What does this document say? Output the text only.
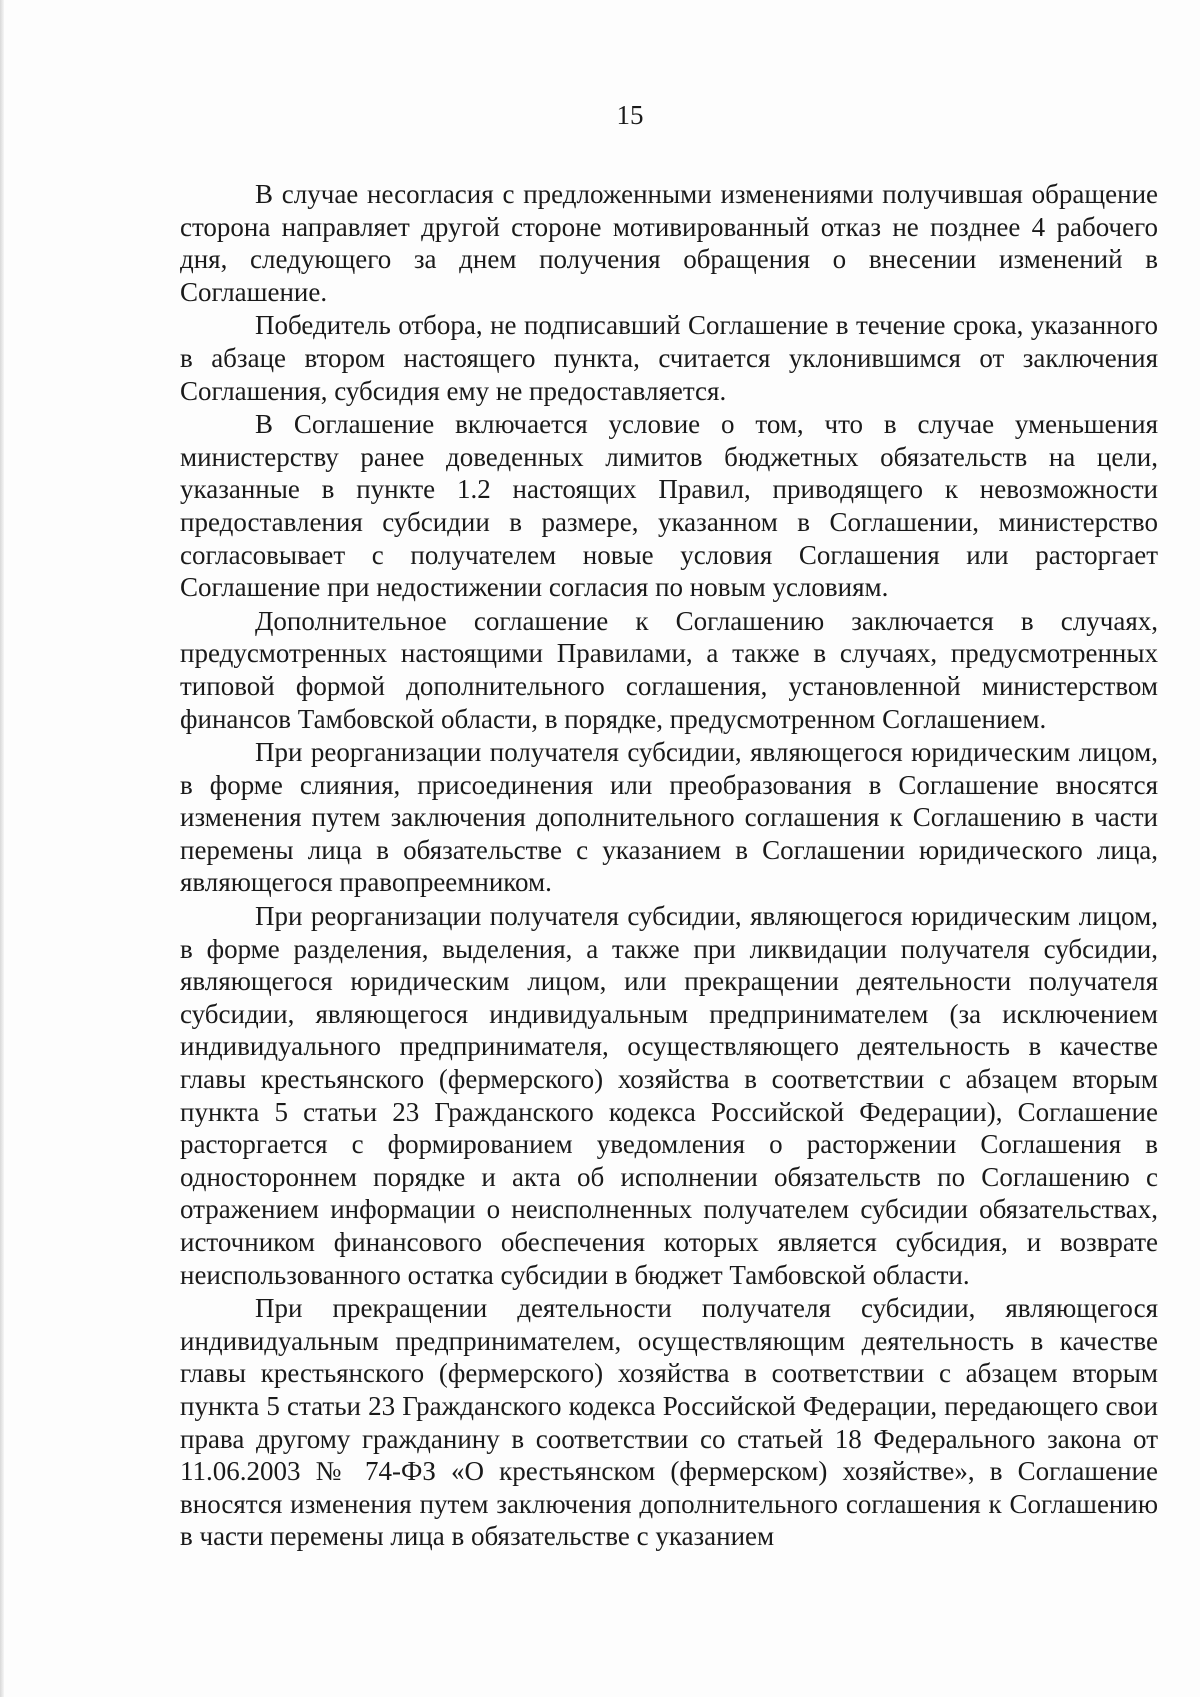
15

В случае несогласия с предложенными изменениями получившая обращение сторона направляет другой стороне мотивированный отказ не позднее 4 рабочего дня, следующего за днем получения обращения о внесении изменений в Соглашение.

Победитель отбора, не подписавший Соглашение в течение срока, указанного в абзаце втором настоящего пункта, считается уклонившимся от заключения Соглашения, субсидия ему не предоставляется.

В Соглашение включается условие о том, что в случае уменьшения министерству ранее доведенных лимитов бюджетных обязательств на цели, указанные в пункте 1.2 настоящих Правил, приводящего к невозможности предоставления субсидии в размере, указанном в Соглашении, министерство согласовывает с получателем новые условия Соглашения или расторгает Соглашение при недостижении согласия по новым условиям.

Дополнительное соглашение к Соглашению заключается в случаях, предусмотренных настоящими Правилами, а также в случаях, предусмотренных типовой формой дополнительного соглашения, установленной министерством финансов Тамбовской области, в порядке, предусмотренном Соглашением.

При реорганизации получателя субсидии, являющегося юридическим лицом, в форме слияния, присоединения или преобразования в Соглашение вносятся изменения путем заключения дополнительного соглашения к Соглашению в части перемены лица в обязательстве с указанием в Соглашении юридического лица, являющегося правопреемником.

При реорганизации получателя субсидии, являющегося юридическим лицом, в форме разделения, выделения, а также при ликвидации получателя субсидии, являющегося юридическим лицом, или прекращении деятельности получателя субсидии, являющегося индивидуальным предпринимателем (за исключением индивидуального предпринимателя, осуществляющего деятельность в качестве главы крестьянского (фермерского) хозяйства в соответствии с абзацем вторым пункта 5 статьи 23 Гражданского кодекса Российской Федерации), Соглашение расторгается с формированием уведомления о расторжении Соглашения в одностороннем порядке и акта об исполнении обязательств по Соглашению с отражением информации о неисполненных получателем субсидии обязательствах, источником финансового обеспечения которых является субсидия, и возврате неиспользованного остатка субсидии в бюджет Тамбовской области.

При прекращении деятельности получателя субсидии, являющегося индивидуальным предпринимателем, осуществляющим деятельность в качестве главы крестьянского (фермерского) хозяйства в соответствии с абзацем вторым пункта 5 статьи 23 Гражданского кодекса Российской Федерации, передающего свои права другому гражданину в соответствии со статьей 18 Федерального закона от 11.06.2003 № 74-ФЗ «О крестьянском (фермерском) хозяйстве», в Соглашение вносятся изменения путем заключения дополнительного соглашения к Соглашению в части перемены лица в обязательстве с указанием
